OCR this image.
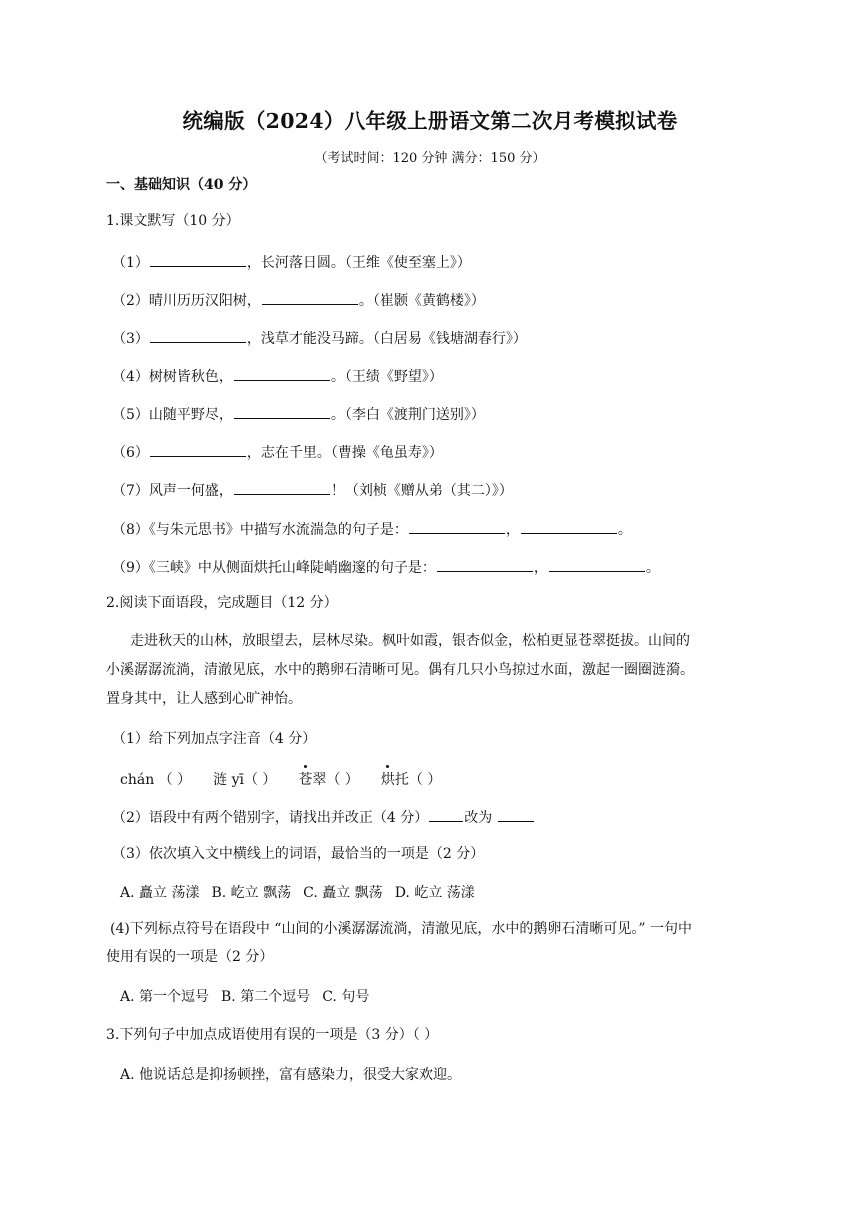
统编版（2024）八年级上册语文第二次月考模拟试卷
（考试时间：120 分钟 满分：150 分）
一、基础知识（40 分）
1.课文默写（10 分）
（1）	，长河落日圆。（王维《使至塞上》）
（2）晴川历历汉阳树，	。（崔颢《黄鹤楼》）
（3）	，浅草才能没马蹄。（白居易《钱塘湖春行》）
（4）树树皆秋色，	。（王绩《野望》）
（5）山随平野尽，	。（李白《渡荆门送别》）
（6）	，志在千里。（曹操《龟虽寿》）
（7）风声一何盛，	！（刘桢《赠从弟（其二）》）
（8）《与朱元思书》中描写水流湍急的句子是：	，	。
（9）《三峡》中从侧面烘托山峰陡峭幽邃的句子是：	，	。
2.阅读下面语段，完成题目（12 分）
走进秋天的山林，放眼望去，层林尽染。枫叶如霞，银杏似金，松柏更显苍翠挺拔。山间的
小溪潺潺流淌，清澈见底，水中的鹅卵石清晰可见。偶有几只小鸟掠过水面，激起一圈圈涟漪。
置身其中，让人感到心旷神怡。
（1）给下列加点字注音（4 分）
chán （ ） 涟 yī（ ） 苍翠（ ） 烘托（ ）
（2）语段中有两个错别字，请找出并改正（4 分）	改为
（3）依次填入文中横线上的词语，最恰当的一项是（2 分）
A. 矗立 荡漾 B. 屹立 飘荡 C. 矗立 飘荡 D. 屹立 荡漾
(4)下列标点符号在语段中 “山间的小溪潺潺流淌，清澈见底，水中的鹅卵石清晰可见。” 一句中
使用有误的一项是（2 分）
A. 第一个逗号 B. 第二个逗号 C. 句号
3.下列句子中加点成语使用有误的一项是（3 分）（ ）
A. 他说话总是抑扬顿挫，富有感染力，很受大家欢迎。
